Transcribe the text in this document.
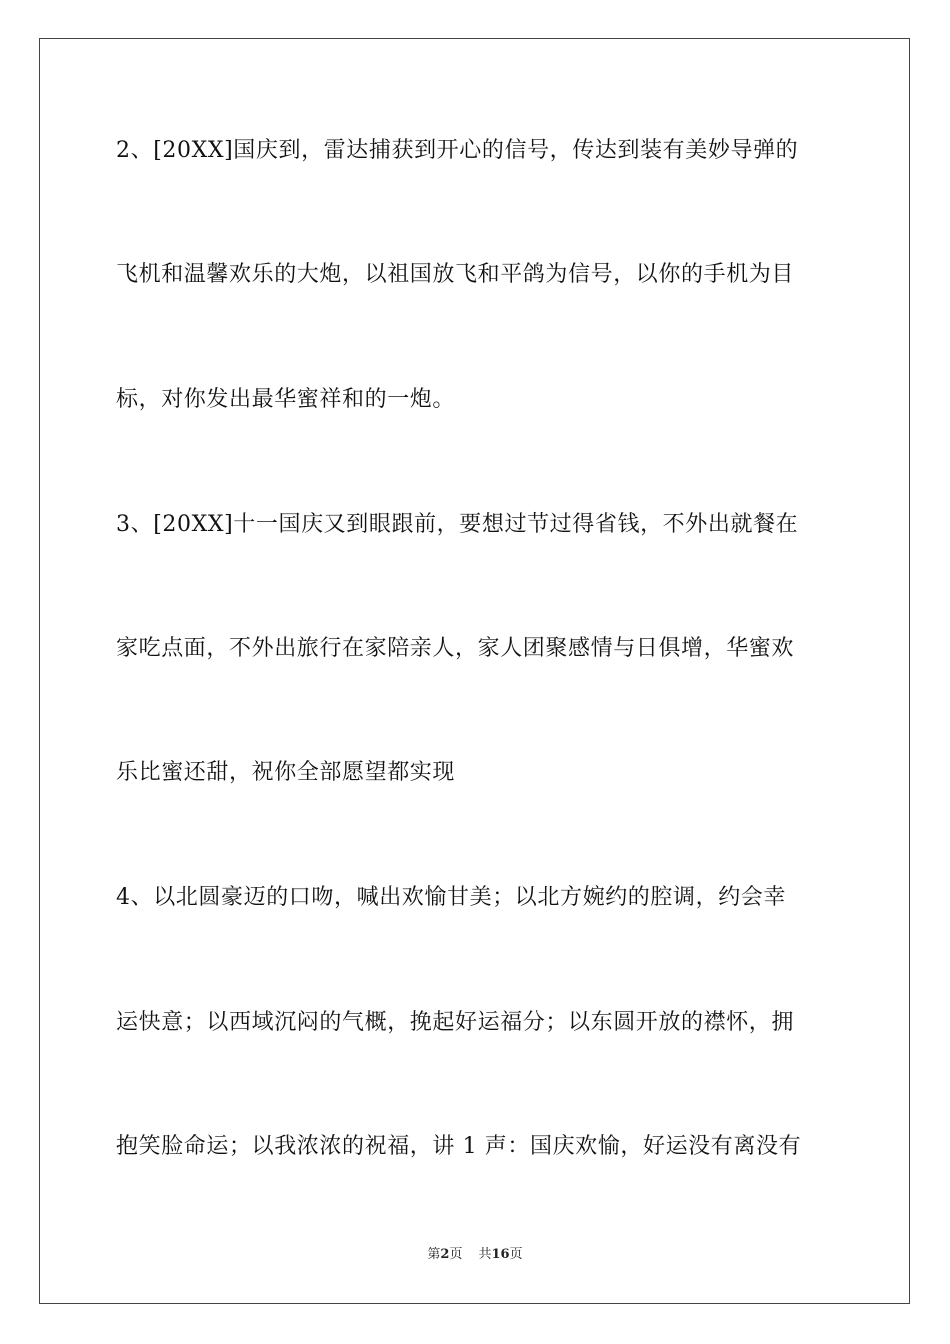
2、[20XX]国庆到，雷达捕获到开心的信号，传达到装有美妙导弹的
飞机和温馨欢乐的大炮，以祖国放飞和平鸽为信号，以你的手机为目
标，对你发出最华蜜祥和的一炮。
3、[20XX]十一国庆又到眼跟前，要想过节过得省钱，不外出就餐在
家吃点面，不外出旅行在家陪亲人，家人团聚感情与日俱增，华蜜欢
乐比蜜还甜，祝你全部愿望都实现
4、以北圆豪迈的口吻，喊出欢愉甘美；以北方婉约的腔调，约会幸
运快意；以西域沉闷的气概，挽起好运福分；以东圆开放的襟怀，拥
抱笑脸命运；以我浓浓的祝福，讲 1 声：国庆欢愉，好运没有离没有
第2页 共16页
